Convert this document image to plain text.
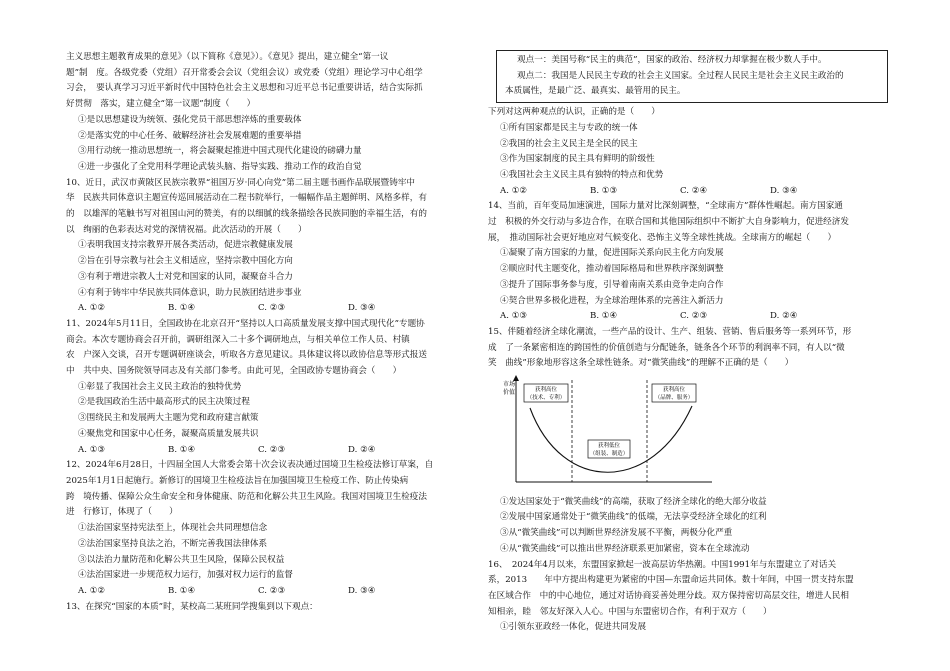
主义思想主题教育成果的意见》（以下简称《意见》）。《意见》提出，建立健全“第一议

题”制　度。各级党委（党组）召开常委会会议（党组会议）或党委（党组）理论学习中心组学

习会，　要认真学习习近平新时代中国特色社会主义思想和习近平总书记重要讲话，结合实际抓

好贯彻　落实，建立健全“第一议题”制度（　　）

①是以思想建设为统领、强化党员干部思想淬炼的重要载体

②是落实党的中心任务、破解经济社会发展难题的重要举措

③用行动统一推动思想统一，将会凝聚起推进中国式现代化建设的磅礴力量

④进一步强化了全党用科学理论武装头脑、指导实践、推动工作的政治自觉

10、近日，武汉市黄陂区民族宗教界“祖国万岁·同心向党”第二届主题书画作品联展暨铸牢中

华　民族共同体意识主题宣传巡回展活动在二程书院举行，一幅幅作品主题鲜明、风格多样，有

的　以雄浑的笔触书写对祖国山河的赞美，有的以细腻的线条描绘各民族同胞的幸福生活，有的

以　绚丽的色彩表达对党的深情祝福。此次活动的开展（　　）

①表明我国支持宗教界开展各类活动，促进宗教健康发展

②旨在引导宗教与社会主义相适应，坚持宗教中国化方向

③有利于增进宗教人士对党和国家的认同，凝聚奋斗合力

④有利于铸牢中华民族共同体意识，助力民族团结进步事业

A. ①②	B. ①④	C. ②③	D. ③④

11、2024年5月11日，全国政协在北京召开“坚持以人口高质量发展支撑中国式现代化”专题协

商会。本次专题协商会召开前，调研组深入二十多个调研地点，与相关单位工作人员、村镇

农　户深入交谈，召开专题调研座谈会，听取各方意见建议。具体建议将以政协信息等形式报送

中　共中央、国务院领导同志及有关部门参考。由此可见，全国政协专题协商会（　　）

①彰显了我国社会主义民主政治的独特优势

②是我国政治生活中最高形式的民主决策过程

③围绕民主和发展两大主题为党和政府建言献策

④聚焦党和国家中心任务，凝聚高质量发展共识

A. ①③	B. ①④	C. ②③	D. ②④

12、2024年6月28日，十四届全国人大常委会第十次会议表决通过国境卫生检疫法修订草案，自

2025年1月1日起施行。新修订的国境卫生检疫法旨在加强国境卫生检疫工作、防止传染病

跨　境传播、保障公众生命安全和身体健康、防范和化解公共卫生风险。我国对国境卫生检疫法

进　行修订，体现了（　　）

①法治国家坚持宪法至上，体现社会共同理想信念

②法治国家坚持良法之治，不断完善我国法律体系

③以法治力量防范和化解公共卫生风险，保障公民权益

④法治国家进一步规范权力运行，加强对权力运行的监督

A. ①②	B. ①④	C. ②③	D. ③④

13、在探究“国家的本质”时，某校高二某班同学搜集到以下观点：

观点一：美国号称“民主的典范”，国家的政治、经济权力却掌握在极少数人手中。

观点二：我国是人民民主专政的社会主义国家。全过程人民民主是社会主义民主政治的

本质属性，是最广泛、最真实、最管用的民主。

下列对这两种观点的认识，正确的是（　　）

①所有国家都是民主与专政的统一体

②我国的社会主义民主是全民的民主

③作为国家制度的民主具有鲜明的阶级性

④我国社会主义民主具有独特的特点和优势

A. ①②	B. ①③	C. ②④	D. ③④

14、当前，百年变局加速演进，国际力量对比深刻调整，“全球南方”群体性崛起。南方国家通

过　积极的外交行动与多边合作，在联合国和其他国际组织中不断扩大自身影响力，促进经济发

展，　推动国际社会更好地应对气候变化、恐怖主义等全球性挑战。全球南方的崛起（　　）

①凝聚了南方国家的力量，促进国际关系向民主化方向发展

②顺应时代主题变化，推动着国际格局和世界秩序深刻调整

③提升了国际事务参与度，引导着南南关系由竞争走向合作

④契合世界多极化进程，为全球治理体系的完善注入新活力

A. ①③	B. ①④	C. ②③	D. ②④

15、伴随着经济全球化潮流，一些产品的设计、生产、组装、营销、售后服务等一系列环节，形

成　了一条紧密相连的跨国性的价值创造与分配链条，链条各个环节的利润率不同，有人以“微

笑　曲线”形象地形容这条全球性链条。对“微笑曲线”的理解不正确的是（　　）

市场 价值	获利高位
（技术、专利）
获利高位
（品牌、服务）
获利低位
（组装、制造）

①发达国家处于“微笑曲线”的高端，获取了经济全球化的绝大部分收益

②发展中国家通常处于“微笑曲线”的低端，无法享受经济全球化的红利

③从“微笑曲线”可以判断世界经济发展不平衡，两极分化严重

④从“微笑曲线”可以推出世界经济联系更加紧密，资本在全球流动

16、　2024年4月以来，东盟国家掀起一波高层访华热潮。中国1991年与东盟建立了对话关

系，2013　　年中方提出构建更为紧密的中国—东盟命运共同体。数十年间，中国一贯支持东盟

在区域合作　中的中心地位，通过对话协商妥善处理分歧。双方保持密切高层交往，增进人民相

知相亲，睦　邻友好深入人心。中国与东盟密切合作，有利于双方（　　）

①引领东亚政经一体化，促进共同发展
